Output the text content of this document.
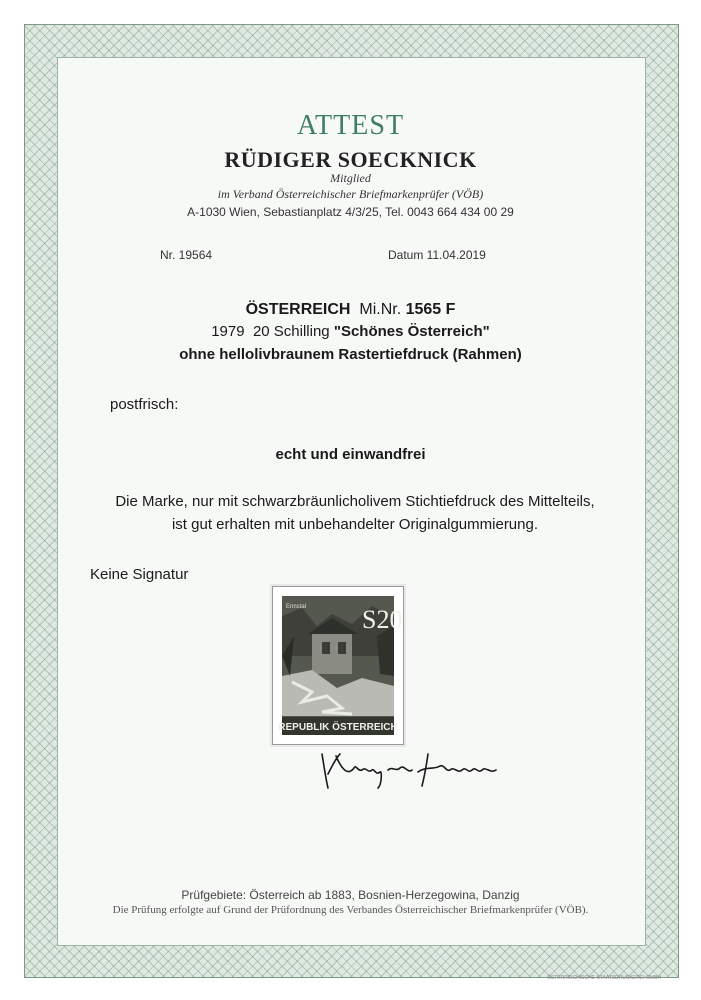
ATTEST
RÜDIGER SOECKNICK
Mitglied
im Verband Österreichischer Briefmarkenprüfer (VÖB)
A-1030 Wien, Sebastianplatz 4/3/25, Tel. 0043 664 434 00 29
Nr. 19564	Datum 11.04.2019
ÖSTERREICH Mi.Nr. 1565 F
1979 20 Schilling "Schönes Österreich"
ohne hellolivbraunem Rastertiefdruck (Rahmen)
postfrisch:
echt und einwandfrei
Die Marke, nur mit schwarzbräunlicholivem Stichtiefdruck des Mittelteils,
ist gut erhalten mit unbehandelter Originalgummierung.
Keine Signatur
REPUBLIK ÖSTERREICH
S20
Ennstal
Rüdiger Soecknick
Prüfgebiete: Österreich ab 1883, Bosnien-Herzegowina, Danzig
Die Prüfung erfolgte auf Grund der Prüfordnung des Verbandes Österreichischer Briefmarkenprüfer (VÖB).
ÖSTERREICHISCHE STAATSDRUCKEREI GMBH
